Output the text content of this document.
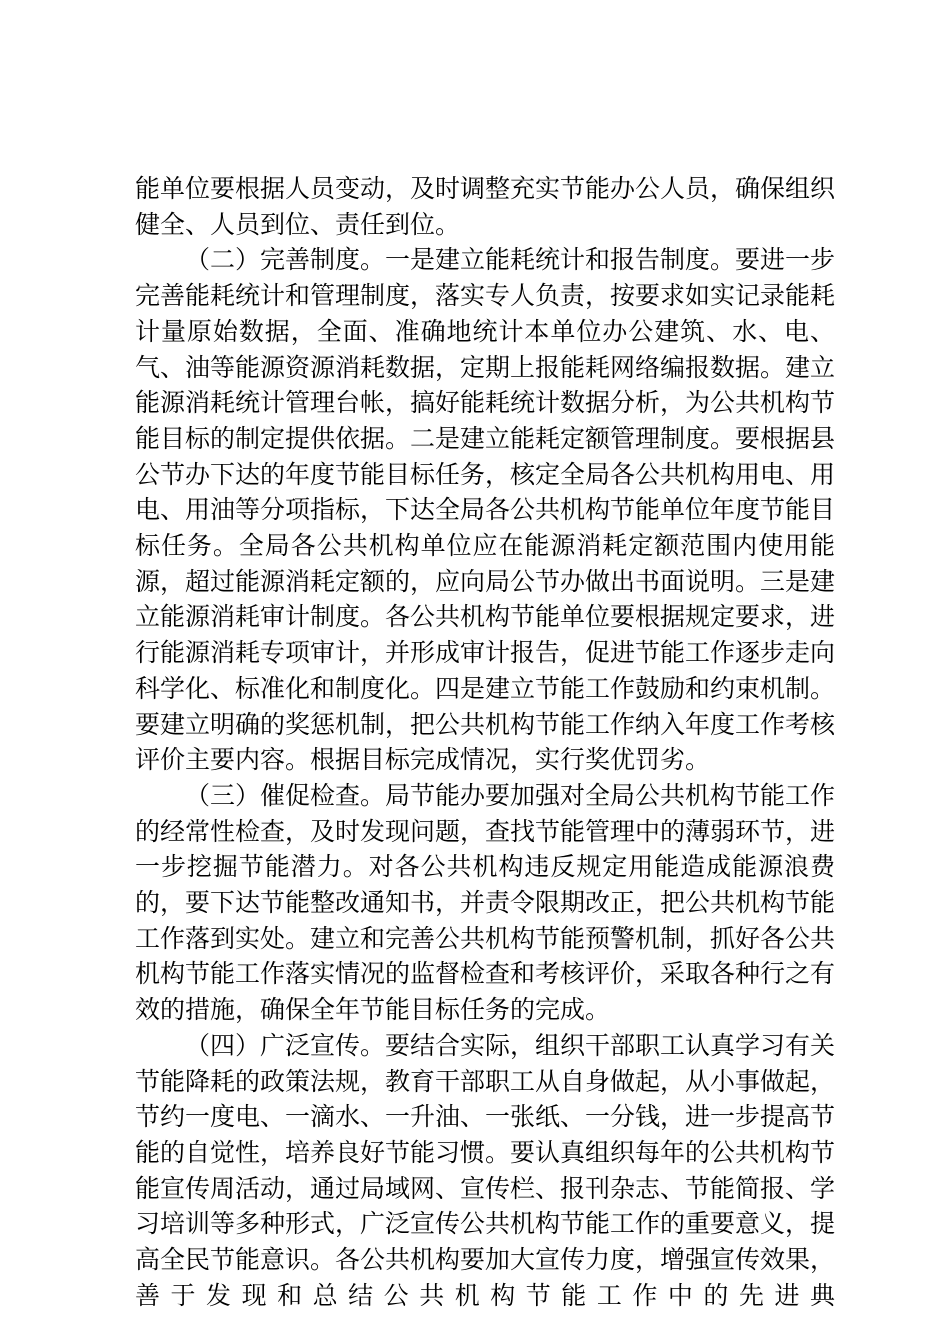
能单位要根据人员变动，及时调整充实节能办公人员，确保组织健全、人员到位、责任到位。

（二）完善制度。一是建立能耗统计和报告制度。要进一步完善能耗统计和管理制度，落实专人负责，按要求如实记录能耗计量原始数据，全面、准确地统计本单位办公建筑、水、电、气、油等能源资源消耗数据，定期上报能耗网络编报数据。建立能源消耗统计管理台帐，搞好能耗统计数据分析，为公共机构节能目标的制定提供依据。二是建立能耗定额管理制度。要根据县公节办下达的年度节能目标任务，核定全局各公共机构用电、用电、用油等分项指标，下达全局各公共机构节能单位年度节能目标任务。全局各公共机构单位应在能源消耗定额范围内使用能源，超过能源消耗定额的，应向局公节办做出书面说明。三是建立能源消耗审计制度。各公共机构节能单位要根据规定要求，进行能源消耗专项审计，并形成审计报告，促进节能工作逐步走向科学化、标准化和制度化。四是建立节能工作鼓励和约束机制。要建立明确的奖惩机制，把公共机构节能工作纳入年度工作考核评价主要内容。根据目标完成情况，实行奖优罚劣。

（三）催促检查。局节能办要加强对全局公共机构节能工作的经常性检查，及时发现问题，查找节能管理中的薄弱环节，进一步挖掘节能潜力。对各公共机构违反规定用能造成能源浪费的，要下达节能整改通知书，并责令限期改正，把公共机构节能工作落到实处。建立和完善公共机构节能预警机制，抓好各公共机构节能工作落实情况的监督检查和考核评价，采取各种行之有效的措施，确保全年节能目标任务的完成。

（四）广泛宣传。要结合实际，组织干部职工认真学习有关节能降耗的政策法规，教育干部职工从自身做起，从小事做起，节约一度电、一滴水、一升油、一张纸、一分钱，进一步提高节能的自觉性，培养良好节能习惯。要认真组织每年的公共机构节能宣传周活动，通过局域网、宣传栏、报刊杂志、节能简报、学习培训等多种形式，广泛宣传公共机构节能工作的重要意义，提高全民节能意识。各公共机构要加大宣传力度，增强宣传效果，善于发现和总结公共机构节能工作中的先进典
